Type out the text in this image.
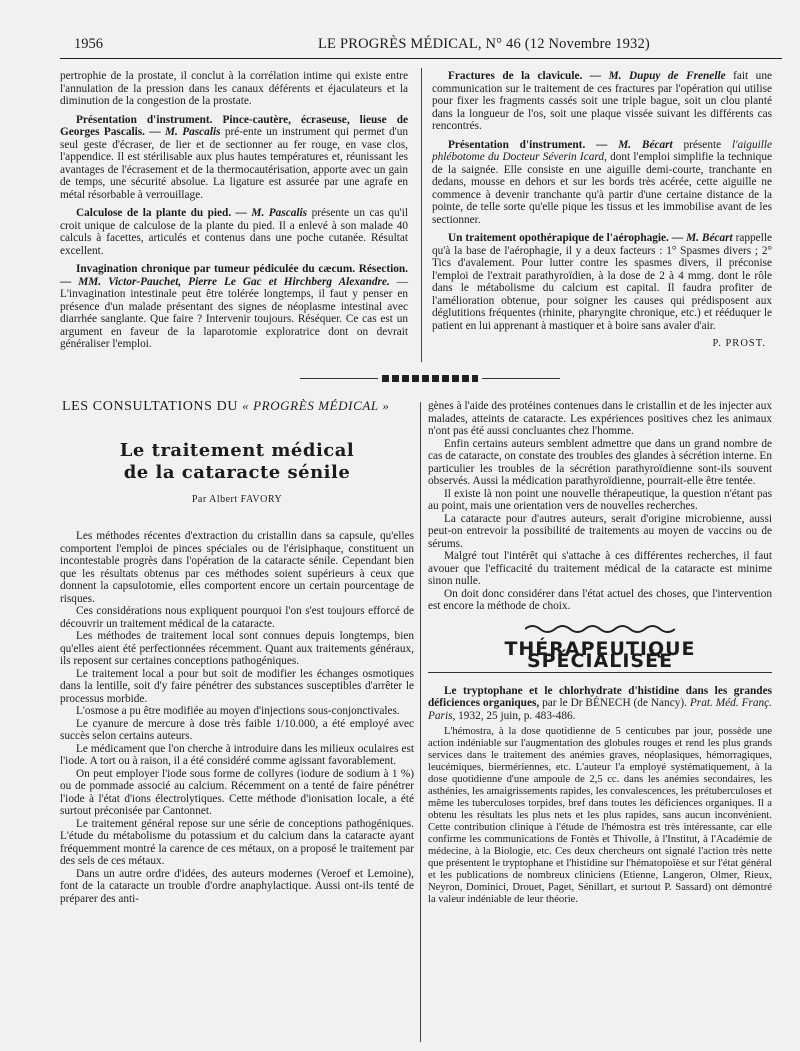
1956	LE PROGRÈS MÉDICAL, N° 46 (12 Novembre 1932)

pertrophie de la prostate, il conclut à la corrélation intime qui existe entre l'annulation de la pression dans les canaux déférents et éjaculateurs et la diminution de la congestion de la prostate.

Présentation d'instrument. Pince-cautère, écraseuse, lieuse de Georges Pascalis. — M. Pascalis pré-ente un instrument qui permet d'un seul geste d'écraser, de lier et de sectionner au fer rouge, en vase clos, l'appendice. Il est stérilisable aux plus hautes températures et, réunissant les avantages de l'écrasement et de la thermocautérisation, apporte avec un gain de temps, une sécurité absolue. La ligature est assurée par une agrafe en métal résorbable à verrouillage.

Calculose de la plante du pied. — M. Pascalis présente un cas qu'il croit unique de calculose de la plante du pied. Il a enlevé à son malade 40 calculs à facettes, articulés et contenus dans une poche cutanée. Résultat excellent.

Invagination chronique par tumeur pédiculée du cæcum. Résection. — MM. Victor-Pauchet, Pierre Le Gac et Hirchberg Alexandre. — L'invagination intestinale peut être tolérée longtemps, il faut y penser en présence d'un malade présentant des signes de néoplasme intestinal avec diarrhée sanglante. Que faire ? Intervenir toujours. Réséquer. Ce cas est un argument en faveur de la laparotomie exploratrice dont on devrait généraliser l'emploi.

Fractures de la clavicule. — M. Dupuy de Frenelle fait une communication sur le traitement de ces fractures par l'opération qui utilise pour fixer les fragments cassés soit une triple bague, soit un clou planté dans la longueur de l'os, soit une plaque vissée suivant les différents cas rencontrés.

Présentation d'instrument. — M. Bécart présente l'aiguille phlébotome du Docteur Séverin Icard, dont l'emploi simplifie la technique de la saignée. Elle consiste en une aiguille demi-courte, tranchante en dedans, mousse en dehors et sur les bords très acérée, cette aiguille ne commence à devenir tranchante qu'à partir d'une certaine distance de la pointe, de telle sorte qu'elle pique les tissus et les immobilise avant de les sectionner.

Un traitement opothérapique de l'aérophagie. — M. Bécart rappelle qu'à la base de l'aérophagie, il y a deux facteurs : 1° Spasmes divers ; 2° Tics d'avalement. Pour lutter contre les spasmes divers, il préconise l'emploi de l'extrait parathyroïdien, à la dose de 2 à 4 mmg. dont le rôle dans le métabolisme du calcium est capital. Il faudra profiter de l'amélioration obtenue, pour soigner les causes qui prédisposent aux déglutitions fréquentes (rhinite, pharyngite chronique, etc.) et rééduquer le patient en lui apprenant à mastiquer et à boire sans avaler d'air.

P. PROST.
LES CONSULTATIONS DU « PROGRÈS MÉDICAL »
Le traitement médical
de la cataracte sénile
Par Albert FAVORY

Les méthodes récentes d'extraction du cristallin dans sa capsule, qu'elles comportent l'emploi de pinces spéciales ou de l'érisiphaque, constituent un incontestable progrès dans l'opération de la cataracte sénile. Cependant bien que les résultats obtenus par ces méthodes soient supérieurs à ceux que donnent la capsulotomie, elles comportent encore un certain pourcentage de risques.

Ces considérations nous expliquent pourquoi l'on s'est toujours efforcé de découvrir un traitement médical de la cataracte.

Les méthodes de traitement local sont connues depuis longtemps, bien qu'elles aient été perfectionnées récemment. Quant aux traitements généraux, ils reposent sur certaines conceptions pathogéniques.

Le traitement local a pour but soit de modifier les échanges osmotiques dans la lentille, soit d'y faire pénétrer des substances susceptibles d'arrêter le processus morbide.

L'osmose a pu être modifiée au moyen d'injections sous-conjonctivales.

Le cyanure de mercure à dose très faible 1/10.000, a été employé avec succès selon certains auteurs.

Le médicament que l'on cherche à introduire dans les milieux oculaires est l'iode. A tort ou à raison, il a été considéré comme agissant favorablement.

On peut employer l'iode sous forme de collyres (iodure de sodium à 1 %) ou de pommade associé au calcium. Récemment on a tenté de faire pénétrer l'iode à l'état d'ions électrolytiques. Cette méthode d'ionisation locale, a été surtout préconisée par Cantonnet.

Le traitement général repose sur une série de conceptions pathogéniques. L'étude du métabolisme du potassium et du calcium dans la cataracte ayant fréquemment montré la carence de ces métaux, on a proposé le traitement par des sels de ces métaux.

Dans un autre ordre d'idées, des auteurs modernes (Veroef et Lemoine), font de la cataracte un trouble d'ordre anaphylactique. Aussi ont-ils tenté de préparer des anti-

gènes à l'aide des protéines contenues dans le cristallin et de les injecter aux malades, atteints de cataracte. Les expériences positives chez les animaux n'ont pas été aussi concluantes chez l'homme.

Enfin certains auteurs semblent admettre que dans un grand nombre de cas de cataracte, on constate des troubles des glandes à sécrétion interne. En particulier les troubles de la sécrétion parathyroïdienne sont-ils souvent observés. Aussi la médication parathyroïdienne, pourrait-elle être tentée.

Il existe là non point une nouvelle thérapeutique, la question n'étant pas au point, mais une orientation vers de nouvelles recherches.

La cataracte pour d'autres auteurs, serait d'origine microbienne, aussi peut-on entrevoir la possibilité de traitements au moyen de vaccins ou de sérums.

Malgré tout l'intérêt qui s'attache à ces différentes recherches, il faut avouer que l'efficacité du traitement médical de la cataracte est minime sinon nulle.

On doit donc considérer dans l'état actuel des choses, que l'intervention est encore la méthode de choix.

THÉRAPEUTIQUE SPÉCIALISÉE

Le tryptophane et le chlorhydrate d'histidine dans les grandes déficiences organiques, par le Dr BÉNECH (de Nancy). Prat. Méd. Franç. Paris, 1932, 25 juin, p. 483-486.

L'hémostra, à la dose quotidienne de 5 centicubes par jour, possède une action indéniable sur l'augmentation des globules rouges et rend les plus grands services dans le traitement des anémies graves, néoplasiques, hémorragiques, leucémiques, biermériennes, etc. L'auteur l'a employé systématiquement, à la dose quotidienne d'une ampoule de 2,5 cc. dans les anémies secondaires, les asthénies, les amaigrissements rapides, les convalescences, les prétuberculoses et même les tuberculoses torpides, bref dans toutes les déficiences organiques. Il a obtenu les résultats les plus nets et les plus rapides, sans aucun inconvénient. Cette contribution clinique à l'étude de l'hémostra est très intéressante, car elle confirme les communications de Fontès et Thivolle, à l'Institut, à l'Académie de médecine, à la Biologie, etc. Ces deux chercheurs ont signalé l'action très nette que présentent le tryptophane et l'histidine sur l'hématopoïèse et sur l'état général et les publications de nombreux cliniciens (Etienne, Langeron, Olmer, Rieux, Neyron, Dominici, Drouet, Paget, Sénillart, et surtout P. Sassard) ont démontré la valeur indéniable de leur théorie.
